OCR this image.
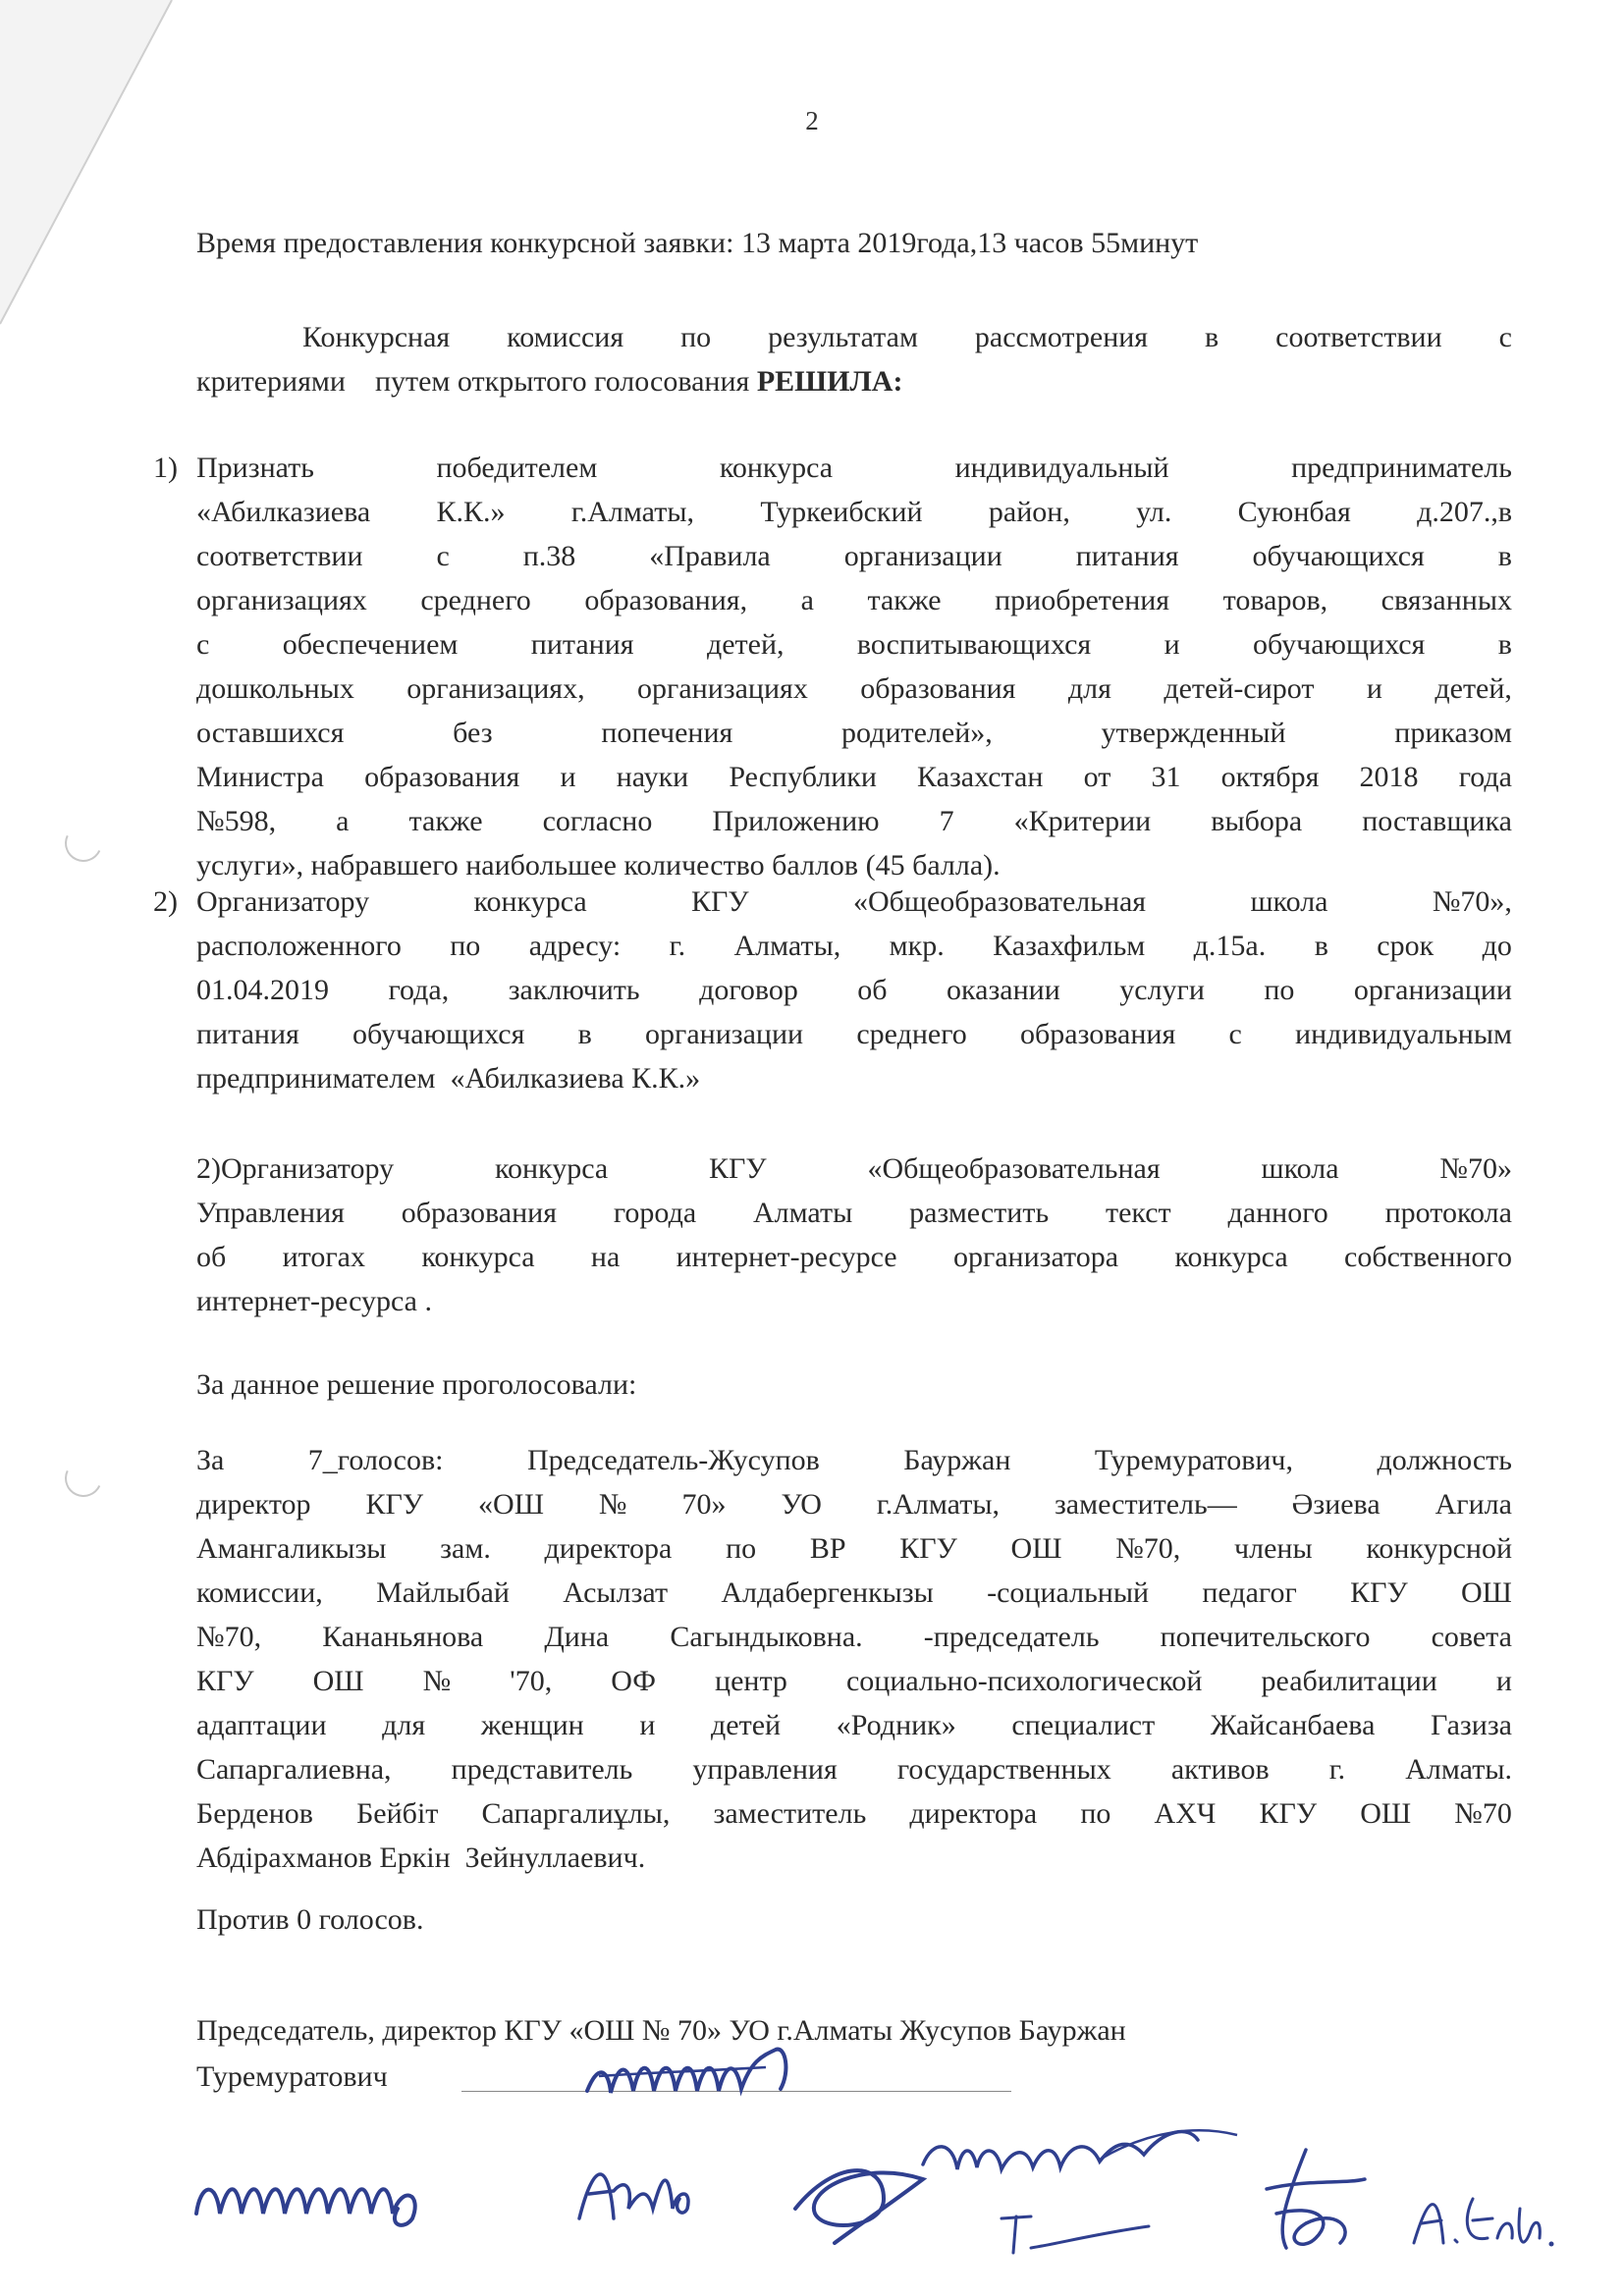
2
Время предоставления конкурсной заявки: 13 марта 2019года,13 часов 55минут
Конкурсная комиссия по результатам рассмотрения в соответствии с
критериями    путем открытого голосования РЕШИЛА:
1) Признать	победителем	конкурса	индивидуальный	предприниматель
«Абилказиева К.К.» г.Алматы, Туркеибский район, ул. Суюнбая д.207.,в
соответствии с п.38 «Правила организации питания обучающихся в
организациях среднего образования, а также приобретения товаров, связанных
с обеспечением питания детей, воспитывающихся и обучающихся в
дошкольных организациях, организациях образования для детей-сирот и детей,
оставшихся	без	попечения	родителей»,	утвержденный	приказом
Министра образования и науки Республики Казахстан от 31 октября 2018 года
№598, а также согласно Приложению 7 «Критерии выбора поставщика
услуги», набравшего наибольшее количество баллов (45 балла).
2) Организатору	конкурса	КГУ	«Общеобразовательная	школа	№70»,
расположенного по адресу: г. Алматы, мкр. Казахфильм д.15а. в срок до
01.04.2019 года, заключить договор об оказании услуги по организации
питания обучающихся в организации среднего образования с индивидуальным
предпринимателем  «Абилказиева К.К.»
2)Организатору	конкурса	КГУ	«Общеобразовательная	школа	№70»
Управления образования города Алматы разместить текст данного протокола
об итогах конкурса на интернет-ресурсе организатора конкурса собственного
интернет-ресурса .
За данное решение проголосовали:
За	7_голосов:	Председатель-Жусупов	Бауржан	Туремуратович,	должность
директор КГУ «ОШ № 70» УО г.Алматы, заместитель— Әзиева Агила
Амангаликызы зам. директора по ВР КГУ ОШ №70, члены конкурсной
комиссии, Майлыбай Асылзат Алдабергенкызы -социальный педагог КГУ ОШ
№70, Кананьянова Дина Сагындыковна. -председатель попечительского совета
КГУ ОШ № '70, ОФ центр социально-психологической реабилитации и
адаптации для женщин и детей «Родник» специалист Жайсанбаева Газиза
Сапаргалиевна, представитель управления государственных активов г. Алматы.
Берденов Бейбіт Сапаргалиұлы, заместитель директора по АХЧ КГУ ОШ №70
Абдірахманов Еркін  Зейнуллаевич.
Против 0 голосов.
Председатель, директор КГУ «ОШ № 70» УО г.Алматы Жусупов Бауржан
Туремуратович
